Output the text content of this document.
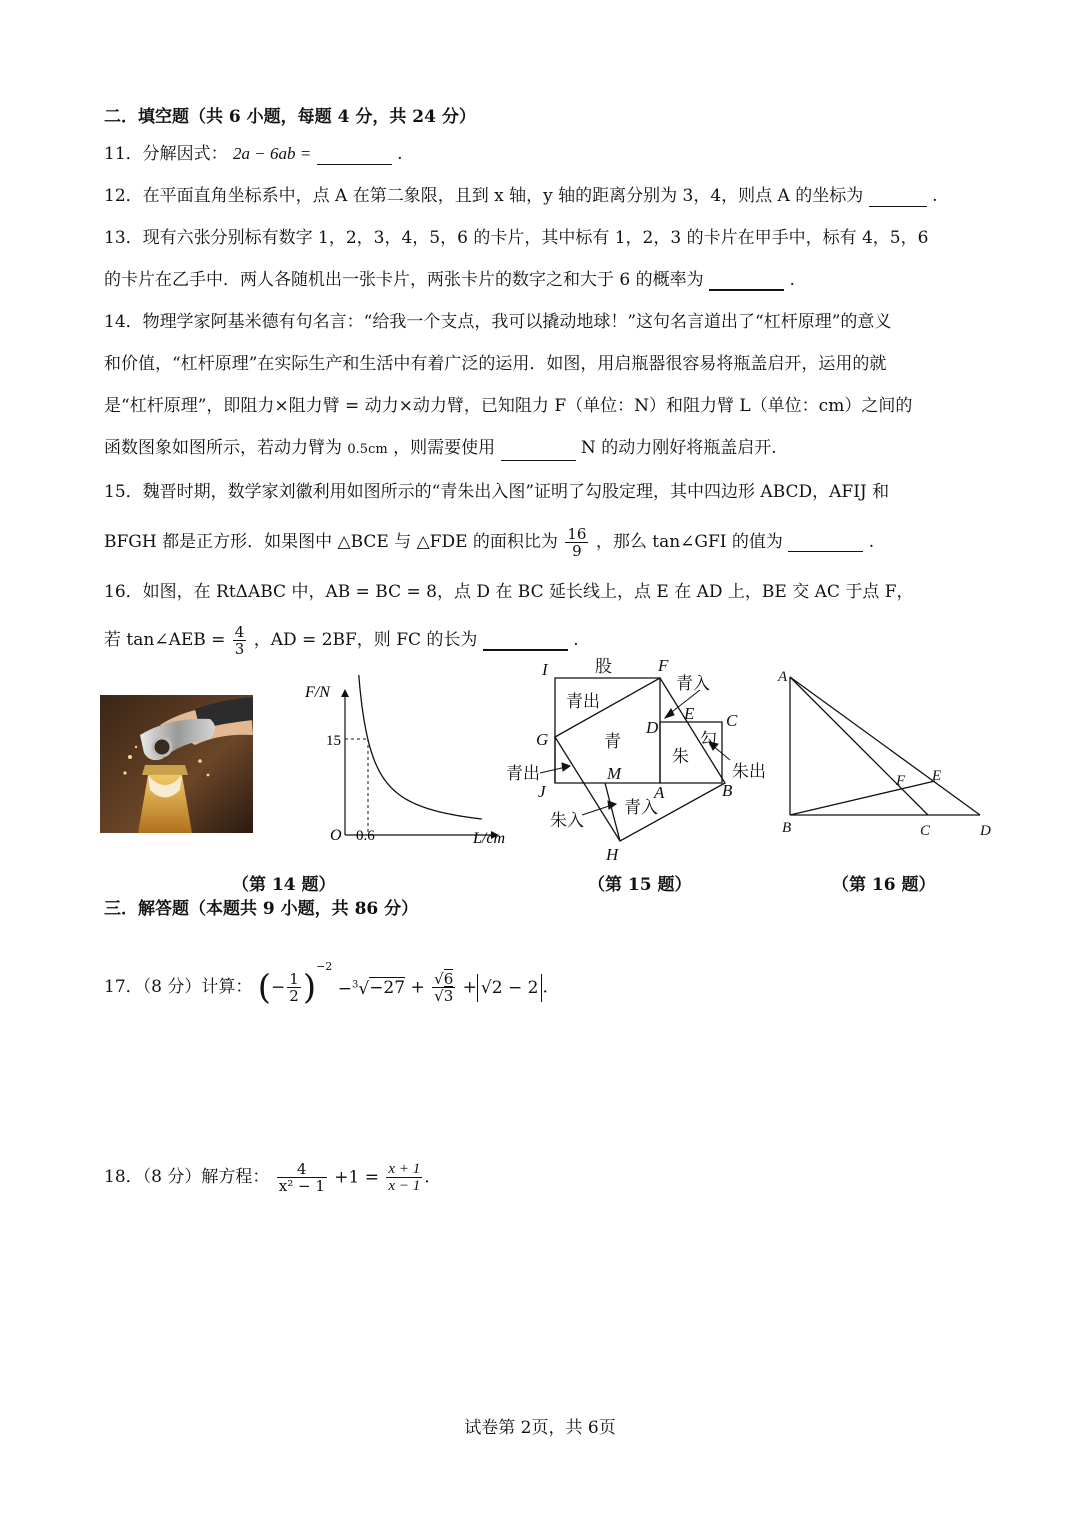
二．填空题（共 6 小题，每题 4 分，共 24 分）
11．分解因式： 2a − 6ab =	.
12．在平面直角坐标系中，点 A 在第二象限，且到 x 轴，y 轴的距离分别为 3，4，则点 A 的坐标为	.
13．现有六张分别标有数字 1，2，3，4，5，6 的卡片，其中标有 1，2，3 的卡片在甲手中，标有 4，5，6
的卡片在乙手中．两人各随机出一张卡片，两张卡片的数字之和大于 6 的概率为	.
14．物理学家阿基米德有句名言：“给我一个支点，我可以撬动地球！”这句名言道出了“杠杆原理”的意义
和价值，“杠杆原理”在实际生产和生活中有着广泛的运用．如图，用启瓶器很容易将瓶盖启开，运用的就
是“杠杆原理”，即阻力×阻力臂 = 动力×动力臂，已知阻力 F（单位：N）和阻力臂 L（单位：cm）之间的
函数图象如图所示，若动力臂为 0.5cm ，则需要使用	N 的动力刚好将瓶盖启开.
15．魏晋时期，数学家刘徽利用如图所示的“青朱出入图”证明了勾股定理，其中四边形 ABCD，AFIJ 和
BFGH 都是正方形．如果图中 △BCE 与 △FDE 的面积比为 $\frac{16}{9}$ ，那么 tan∠GFI 的值为	.
16．如图，在 RtΔABC 中，AB = BC = 8，点 D 在 BC 延长线上，点 E 在 AD 上，BE 交 AC 于点 F，
若 tan∠AEB = $\frac{4}{3}$ ，AD = 2BF，则 FC 的长为	.
F/N
L/cm
O
15
0.6
I	F
G
D
E C
J
M
A	B
H
股
青出
青入
青
朱
勾
青出	朱出
朱入
青入
A
B	C	D
E
F
（第 14 题）	（第 15 题）	（第 16 题）
三．解答题（本题共 9 小题，共 86 分）
17．（8 分）计算： (− $\frac{1}{2} )^{-2} -^3√-27 + \frac{√6}{√3} + √2 - 2$ .
18．（8 分）解方程： $\frac{4}{\text{x² − 1}} +1 = \frac{x + 1}{x - 1}$ .
试卷第 2页，共 6页
